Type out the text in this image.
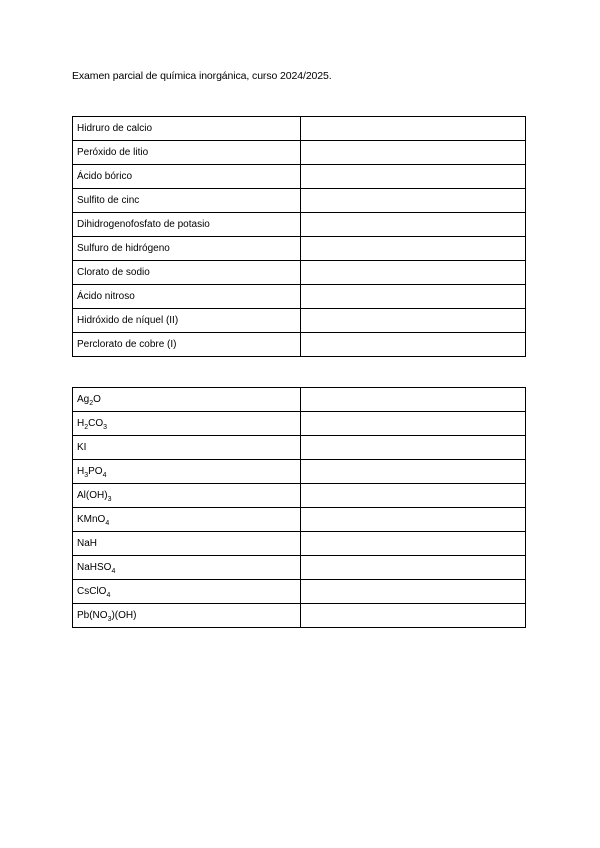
Examen parcial de química inorgánica, curso 2024/2025.
Hidruro de calcio	
Peróxido de litio	
Ácido bórico	
Sulfito de cinc	
Dihidrogenofosfato de potasio	
Sulfuro de hidrógeno	
Clorato de sodio	
Ácido nitroso	
Hidróxido de níquel (II)	
Perclorato de cobre (I)	
$Ag_2O$	
$H_2CO_3$	
KI	
$H_3PO_4$	
$Al(OH)_3$	
KMnO$_4$	
NaH	
NaHSO$_4$	
CsClO$_4$	
$Pb(NO_3)(OH)$	
